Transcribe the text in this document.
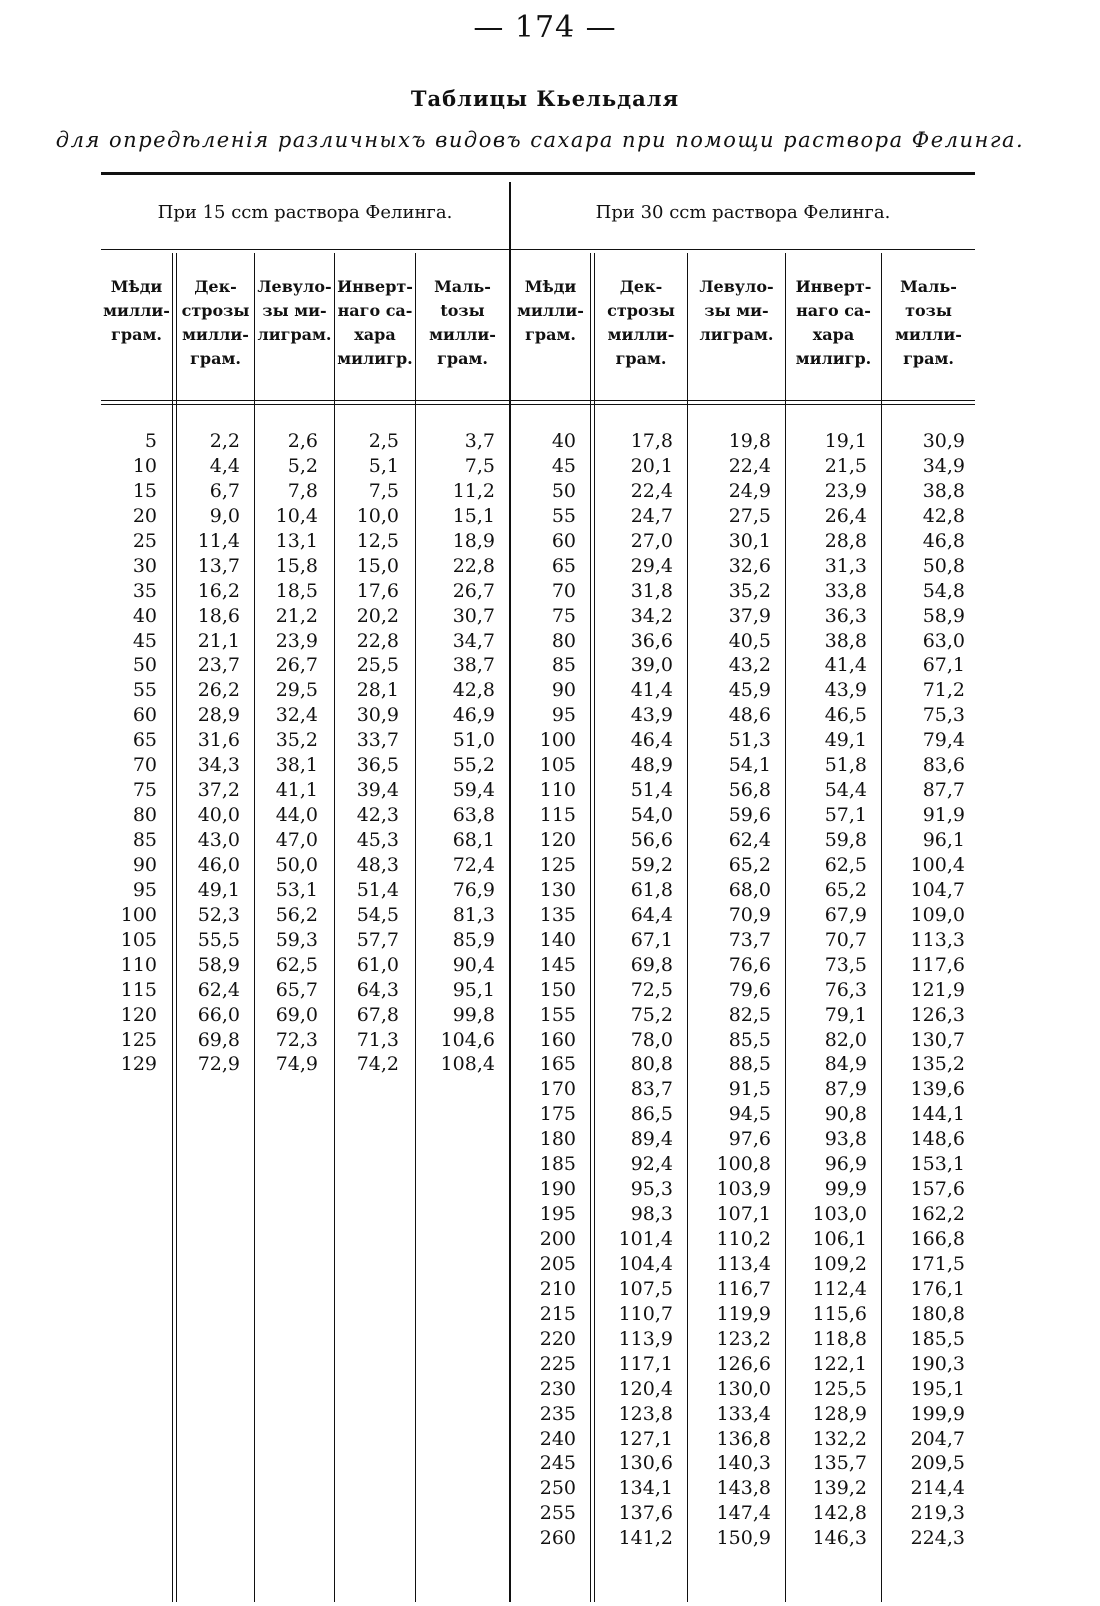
— 174 —
Таблицы Кьельдаля
для опредѣленія различныхъ видовъ сахара при помощи раствора Фелинга.
При 15 ccm раствора Фелинга.	При 30 ccm раствора Фелинга.
Мѣди
милли-
грам.
Дек-
строзы
милли-
грам.
Левуло-
зы ми-
лиграм.
Инверт-
наго са-
хара
милигр.
Маль-
tозы
милли-
грам.
Мѣди
милли-
грам.
Дек-
строзы
милли-
грам.
Левуло-
зы ми-
лиграм.
Инверт-
наго са-
хара
милигр.
Маль-
тозы
милли-
грам.
5
10
15
20
25
30
35
40
45
50
55
60
65
70
75
80
85
90
95
100
105
110
115
120
125
129
2,2
4,4
6,7
9,0
11,4
13,7
16,2
18,6
21,1
23,7
26,2
28,9
31,6
34,3
37,2
40,0
43,0
46,0
49,1
52,3
55,5
58,9
62,4
66,0
69,8
72,9
2,6
5,2
7,8
10,4
13,1
15,8
18,5
21,2
23,9
26,7
29,5
32,4
35,2
38,1
41,1
44,0
47,0
50,0
53,1
56,2
59,3
62,5
65,7
69,0
72,3
74,9
2,5
5,1
7,5
10,0
12,5
15,0
17,6
20,2
22,8
25,5
28,1
30,9
33,7
36,5
39,4
42,3
45,3
48,3
51,4
54,5
57,7
61,0
64,3
67,8
71,3
74,2
3,7
7,5
11,2
15,1
18,9
22,8
26,7
30,7
34,7
38,7
42,8
46,9
51,0
55,2
59,4
63,8
68,1
72,4
76,9
81,3
85,9
90,4
95,1
99,8
104,6
108,4
40
45
50
55
60
65
70
75
80
85
90
95
100
105
110
115
120
125
130
135
140
145
150
155
160
165
170
175
180
185
190
195
200
205
210
215
220
225
230
235
240
245
250
255
260
17,8
20,1
22,4
24,7
27,0
29,4
31,8
34,2
36,6
39,0
41,4
43,9
46,4
48,9
51,4
54,0
56,6
59,2
61,8
64,4
67,1
69,8
72,5
75,2
78,0
80,8
83,7
86,5
89,4
92,4
95,3
98,3
101,4
104,4
107,5
110,7
113,9
117,1
120,4
123,8
127,1
130,6
134,1
137,6
141,2
19,8
22,4
24,9
27,5
30,1
32,6
35,2
37,9
40,5
43,2
45,9
48,6
51,3
54,1
56,8
59,6
62,4
65,2
68,0
70,9
73,7
76,6
79,6
82,5
85,5
88,5
91,5
94,5
97,6
100,8
103,9
107,1
110,2
113,4
116,7
119,9
123,2
126,6
130,0
133,4
136,8
140,3
143,8
147,4
150,9
19,1
21,5
23,9
26,4
28,8
31,3
33,8
36,3
38,8
41,4
43,9
46,5
49,1
51,8
54,4
57,1
59,8
62,5
65,2
67,9
70,7
73,5
76,3
79,1
82,0
84,9
87,9
90,8
93,8
96,9
99,9
103,0
106,1
109,2
112,4
115,6
118,8
122,1
125,5
128,9
132,2
135,7
139,2
142,8
146,3
30,9
34,9
38,8
42,8
46,8
50,8
54,8
58,9
63,0
67,1
71,2
75,3
79,4
83,6
87,7
91,9
96,1
100,4
104,7
109,0
113,3
117,6
121,9
126,3
130,7
135,2
139,6
144,1
148,6
153,1
157,6
162,2
166,8
171,5
176,1
180,8
185,5
190,3
195,1
199,9
204,7
209,5
214,4
219,3
224,3
